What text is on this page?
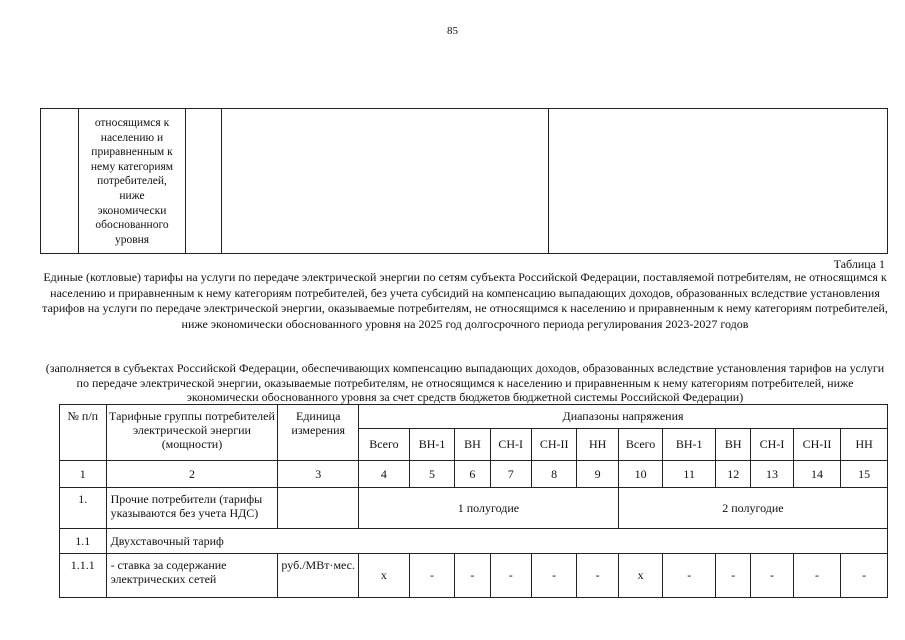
85
относящимся к
населению и
приравненным к
нему категориям
потребителей,
ниже
экономически
обоснованного
уровня
Таблица 1
Единые (котловые) тарифы на услуги по передаче электрической энергии по сетям субъекта Российской Федерации, поставляемой потребителям, не относящимся к населению и приравненным к нему категориям потребителей, без учета субсидий на компенсацию выпадающих доходов, образованных вследствие установления тарифов на услуги по передаче электрической энергии, оказываемые потребителям, не относящимся к населению и приравненным к нему категориям потребителей, ниже экономически обоснованного уровня на 2025 год долгосрочного периода регулирования 2023-2027 годов
(заполняется в субъектах Российской Федерации, обеспечивающих компенсацию выпадающих доходов, образованных вследствие установления тарифов на услуги по передаче электрической энергии, оказываемые потребителям, не относящимся к населению и приравненным к нему категориям потребителей, ниже экономически обоснованного уровня за счет средств бюджетов бюджетной системы Российской Федерации)
№ п/п	Тарифные группы потребителей электрической энергии (мощности)	Единица измерения	Диапазоны напряжения											
			Всего	ВН-1	ВН	СН-I	СН-II	НН	Всего	ВН-1	ВН	СН-I	СН-II	НН
1	2	3	4	5	6	7	8	9	10	11	12	13	14	15
1.	Прочие потребители (тарифы указываются без учета НДС)		1 полугодие						2 полугодие					
1.1	Двухставочный тариф													
1.1.1	- ставка за содержание электрических сетей	руб./МВт·мес.	х	-	-	-	-	-	х	-	-	-	-	-
